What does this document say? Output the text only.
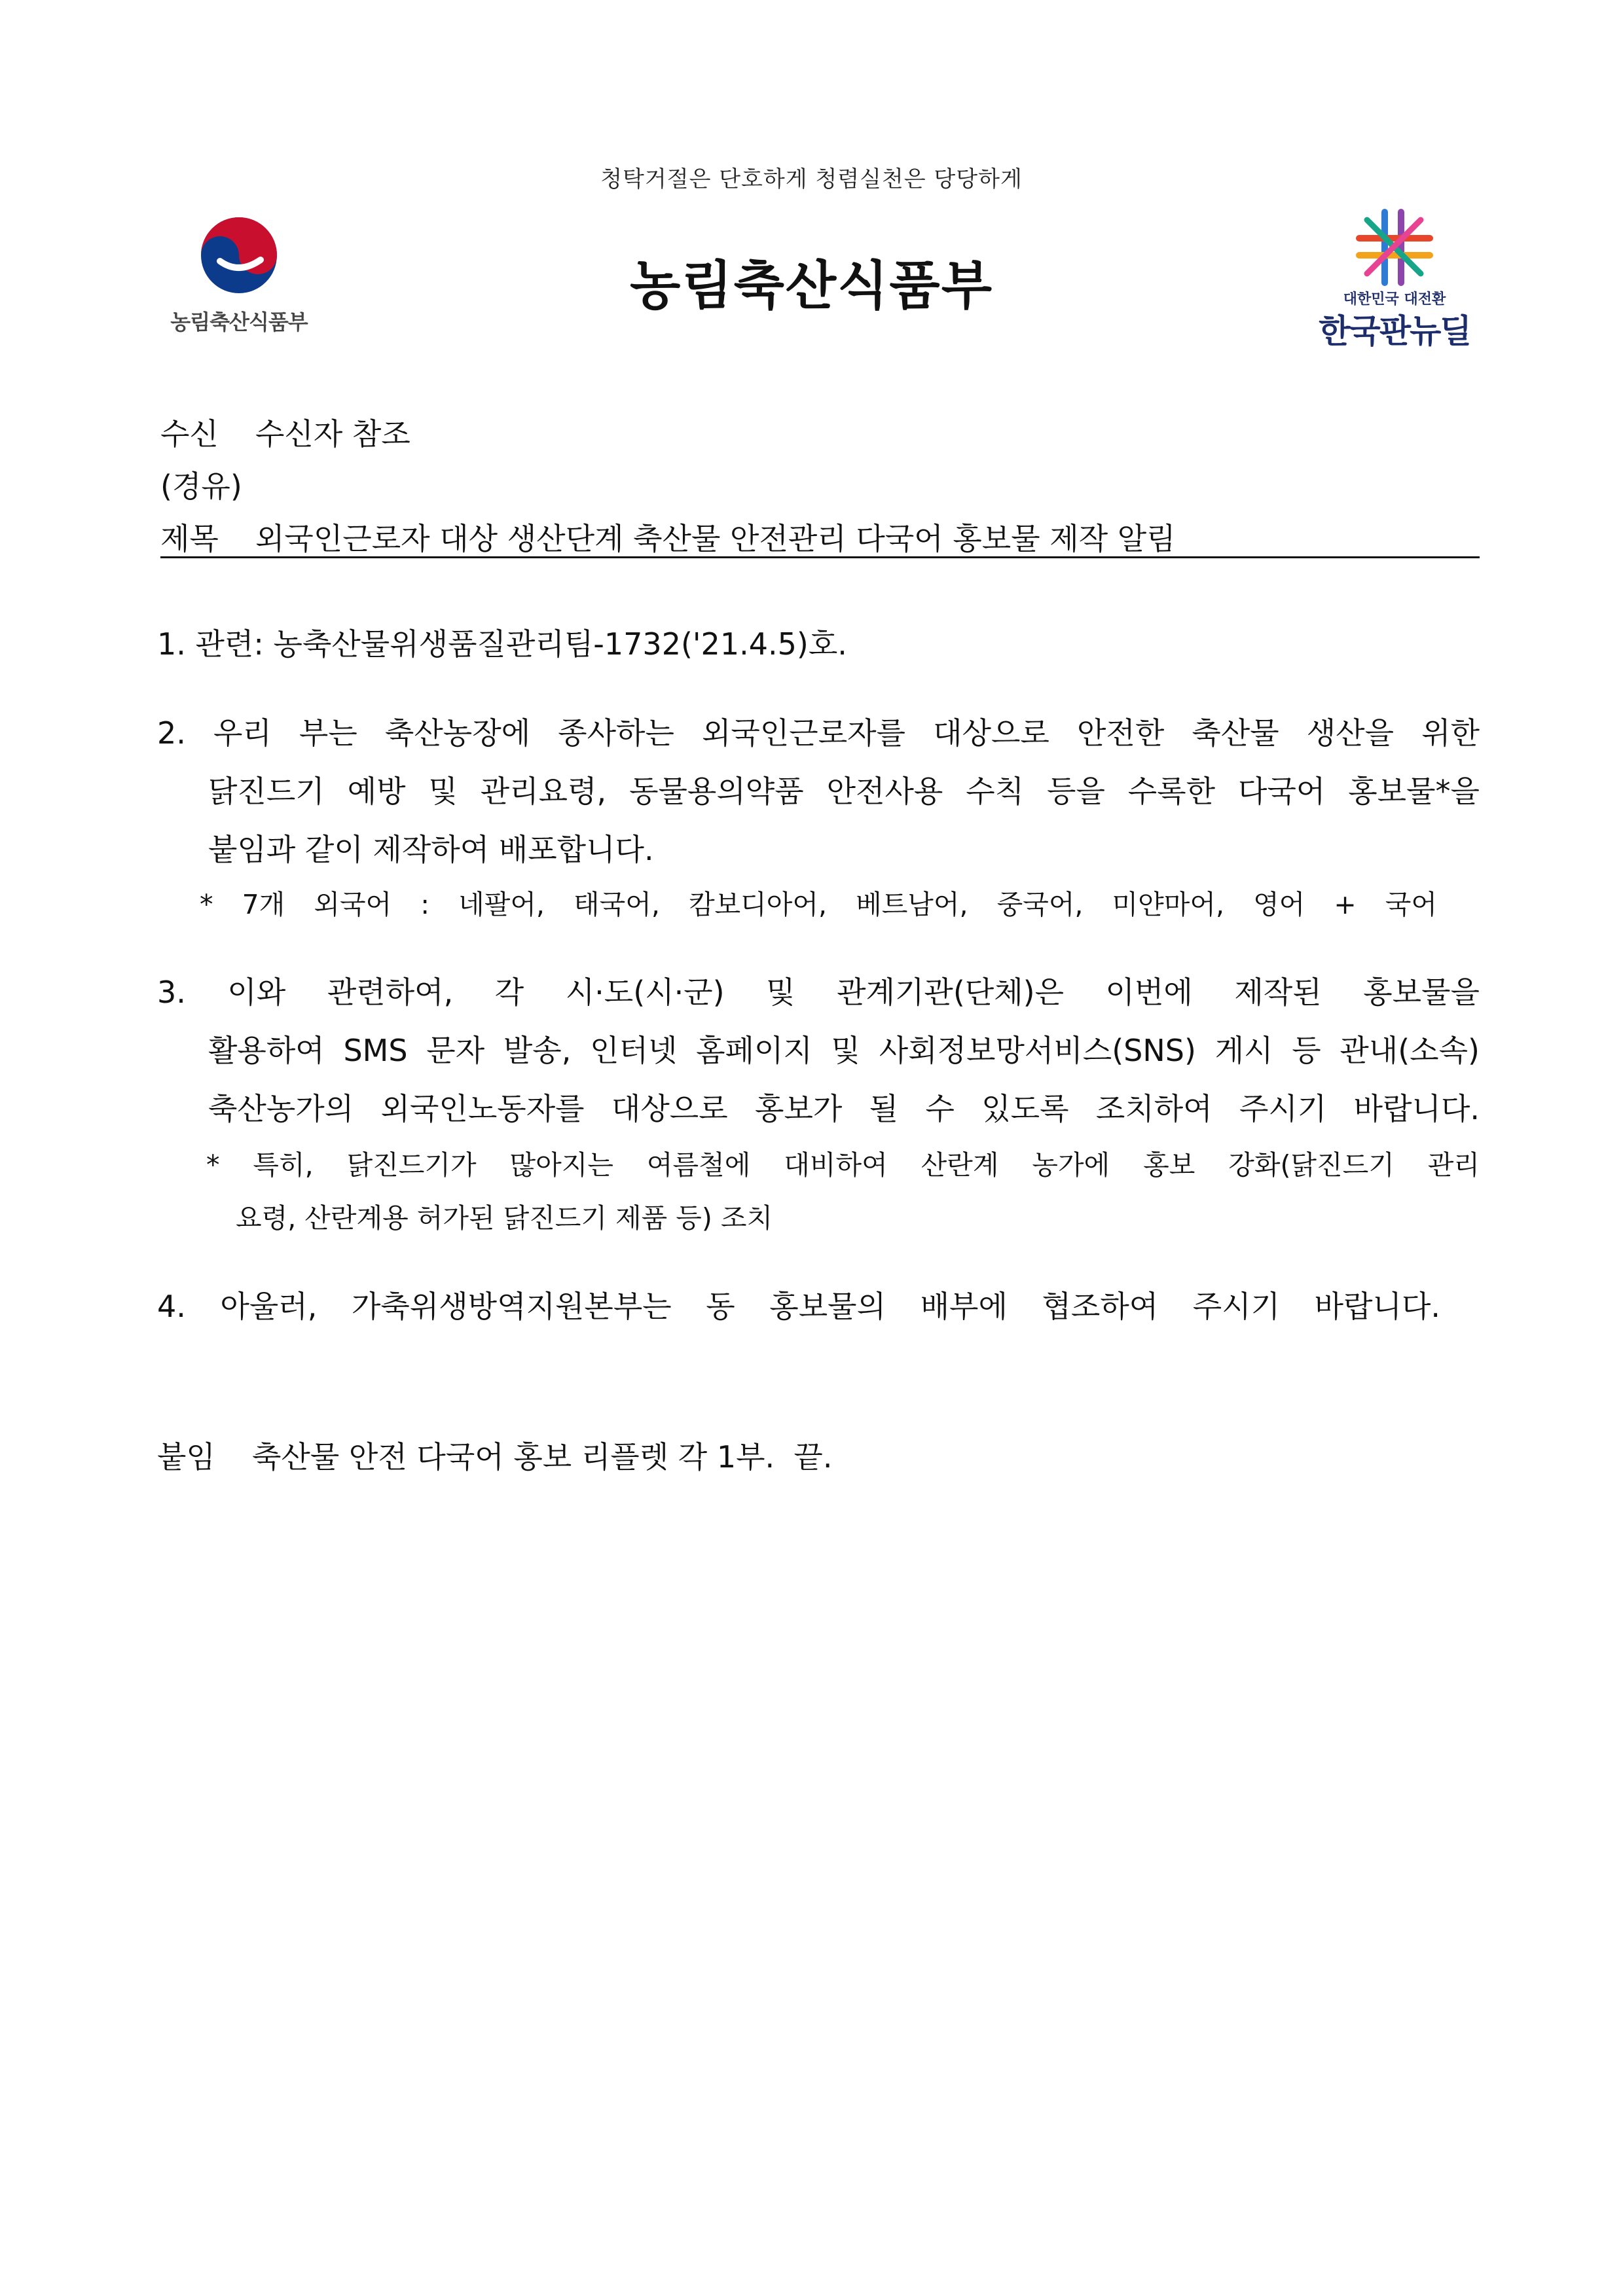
청탁거절은 단호하게 청렴실천은 당당하게
농림축산식품부
농림축산식품부	대한민국 대전환
한국판뉴딜
수신 수신자 참조
(경유)
제목 외국인근로자 대상 생산단계 축산물 안전관리 다국어 홍보물 제작 알림
1. 관련: 농축산물위생품질관리팀-1732('21.4.5)호.
2. 우리 부는 축산농장에 종사하는 외국인근로자를 대상으로 안전한 축산물 생산을 위한
닭진드기 예방 및 관리요령, 동물용의약품 안전사용 수칙 등을 수록한 다국어 홍보물*을
붙임과 같이 제작하여 배포합니다.
* 7개 외국어 : 네팔어, 태국어, 캄보디아어, 베트남어, 중국어, 미얀마어, 영어 + 국어
3. 이와 관련하여, 각 시·도(시·군) 및 관계기관(단체)은 이번에 제작된 홍보물을
활용하여 SMS 문자 발송, 인터넷 홈페이지 및 사회정보망서비스(SNS) 게시 등 관내(소속)
축산농가의 외국인노동자를 대상으로 홍보가 될 수 있도록 조치하여 주시기 바랍니다.
* 특히, 닭진드기가 많아지는 여름철에 대비하여 산란계 농가에 홍보 강화(닭진드기 관리
요령, 산란계용 허가된 닭진드기 제품 등) 조치
4. 아울러, 가축위생방역지원본부는 동 홍보물의 배부에 협조하여 주시기 바랍니다.
붙임 축산물 안전 다국어 홍보 리플렛 각 1부.  끝.
